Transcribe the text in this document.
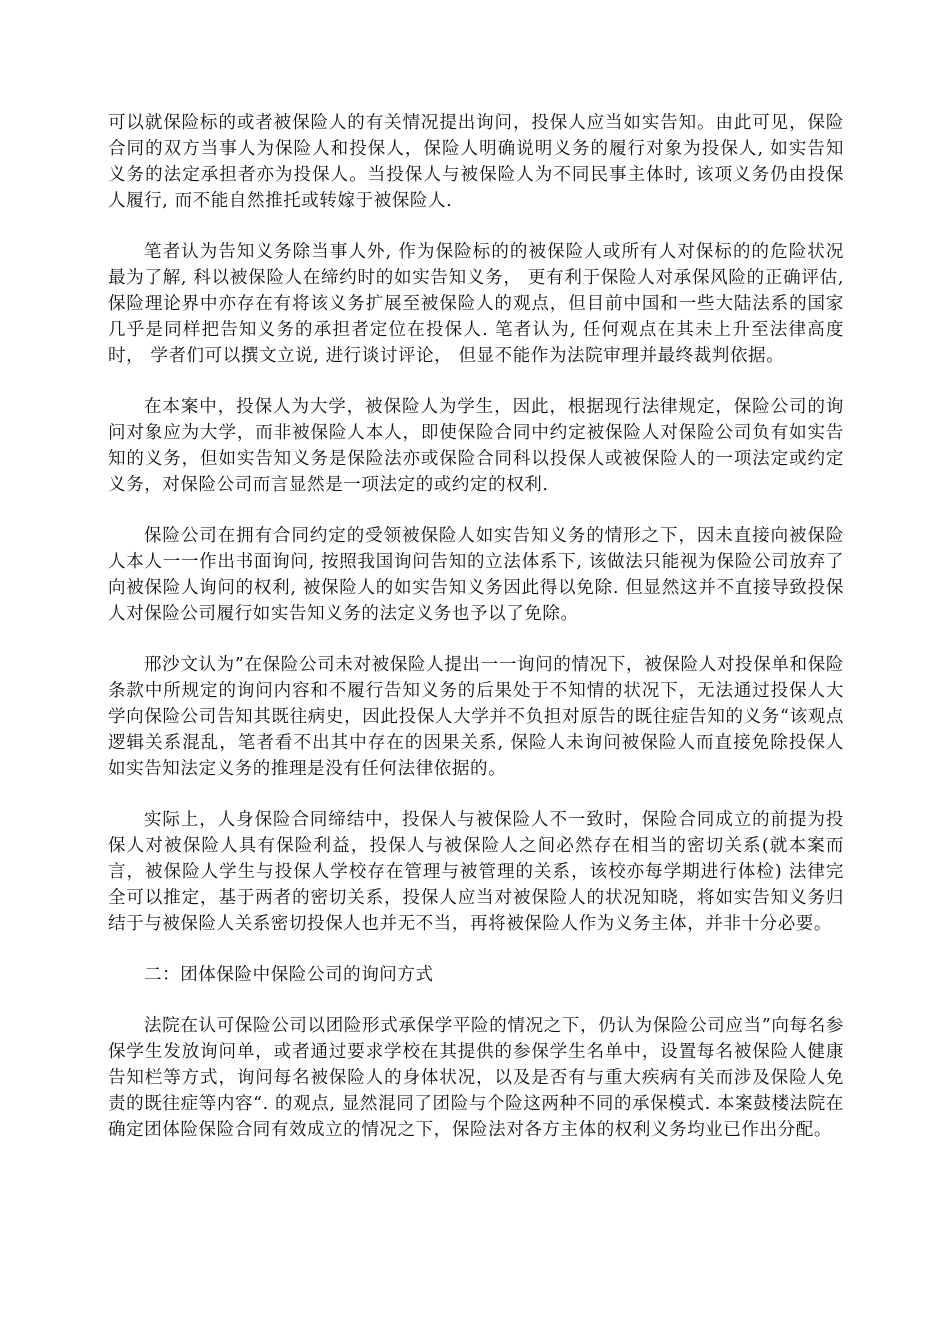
可以就保险标的或者被保险人的有关情况提出询问，投保人应当如实告知。由此可见，保险合同的双方当事人为保险人和投保人，保险人明确说明义务的履行对象为投保人, 如实告知义务的法定承担者亦为投保人。当投保人与被保险人为不同民事主体时, 该项义务仍由投保人履行, 而不能自然推托或转嫁于被保险人.

笔者认为告知义务除当事人外, 作为保险标的的被保险人或所有人对保标的的危险状况最为了解, 科以被保险人在缔约时的如实告知义务， 更有利于保险人对承保风险的正确评估, 保险理论界中亦存在有将该义务扩展至被保险人的观点，但目前中国和一些大陆法系的国家几乎是同样把告知义务的承担者定位在投保人. 笔者认为, 任何观点在其未上升至法律高度时， 学者们可以撰文立说, 进行谈讨评论， 但显不能作为法院审理并最终裁判依据。

在本案中，投保人为大学，被保险人为学生，因此，根据现行法律规定，保险公司的询问对象应为大学，而非被保险人本人，即使保险合同中约定被保险人对保险公司负有如实告知的义务，但如实告知义务是保险法亦或保险合同科以投保人或被保险人的一项法定或约定义务，对保险公司而言显然是一项法定的或约定的权利.

保险公司在拥有合同约定的受领被保险人如实告知义务的情形之下，因未直接向被保险人本人一一作出书面询问, 按照我国询问告知的立法体系下, 该做法只能视为保险公司放弃了向被保险人询问的权利, 被保险人的如实告知义务因此得以免除. 但显然这并不直接导致投保人对保险公司履行如实告知义务的法定义务也予以了免除。

邢沙文认为”在保险公司未对被保险人提出一一询问的情况下，被保险人对投保单和保险条款中所规定的询问内容和不履行告知义务的后果处于不知情的状况下，无法通过投保人大学向保险公司告知其既往病史，因此投保人大学并不负担对原告的既往症告知的义务“该观点逻辑关系混乱，笔者看不出其中存在的因果关系, 保险人未询问被保险人而直接免除投保人如实告知法定义务的推理是没有任何法律依据的。

实际上，人身保险合同缔结中，投保人与被保险人不一致时，保险合同成立的前提为投保人对被保险人具有保险利益，投保人与被保险人之间必然存在相当的密切关系(就本案而言，被保险人学生与投保人学校存在管理与被管理的关系，该校亦每学期进行体检) 法律完全可以推定，基于两者的密切关系，投保人应当对被保险人的状况知晓，将如实告知义务归结于与被保险人关系密切投保人也并无不当，再将被保险人作为义务主体，并非十分必要。

二：团体保险中保险公司的询问方式

法院在认可保险公司以团险形式承保学平险的情况之下，仍认为保险公司应当”向每名参保学生发放询问单，或者通过要求学校在其提供的参保学生名单中，设置每名被保险人健康告知栏等方式，询问每名被保险人的身体状况，以及是否有与重大疾病有关而涉及保险人免责的既往症等内容“. 的观点, 显然混同了团险与个险这两种不同的承保模式. 本案鼓楼法院在确定团体险保险合同有效成立的情况之下，保险法对各方主体的权利义务均业已作出分配。
